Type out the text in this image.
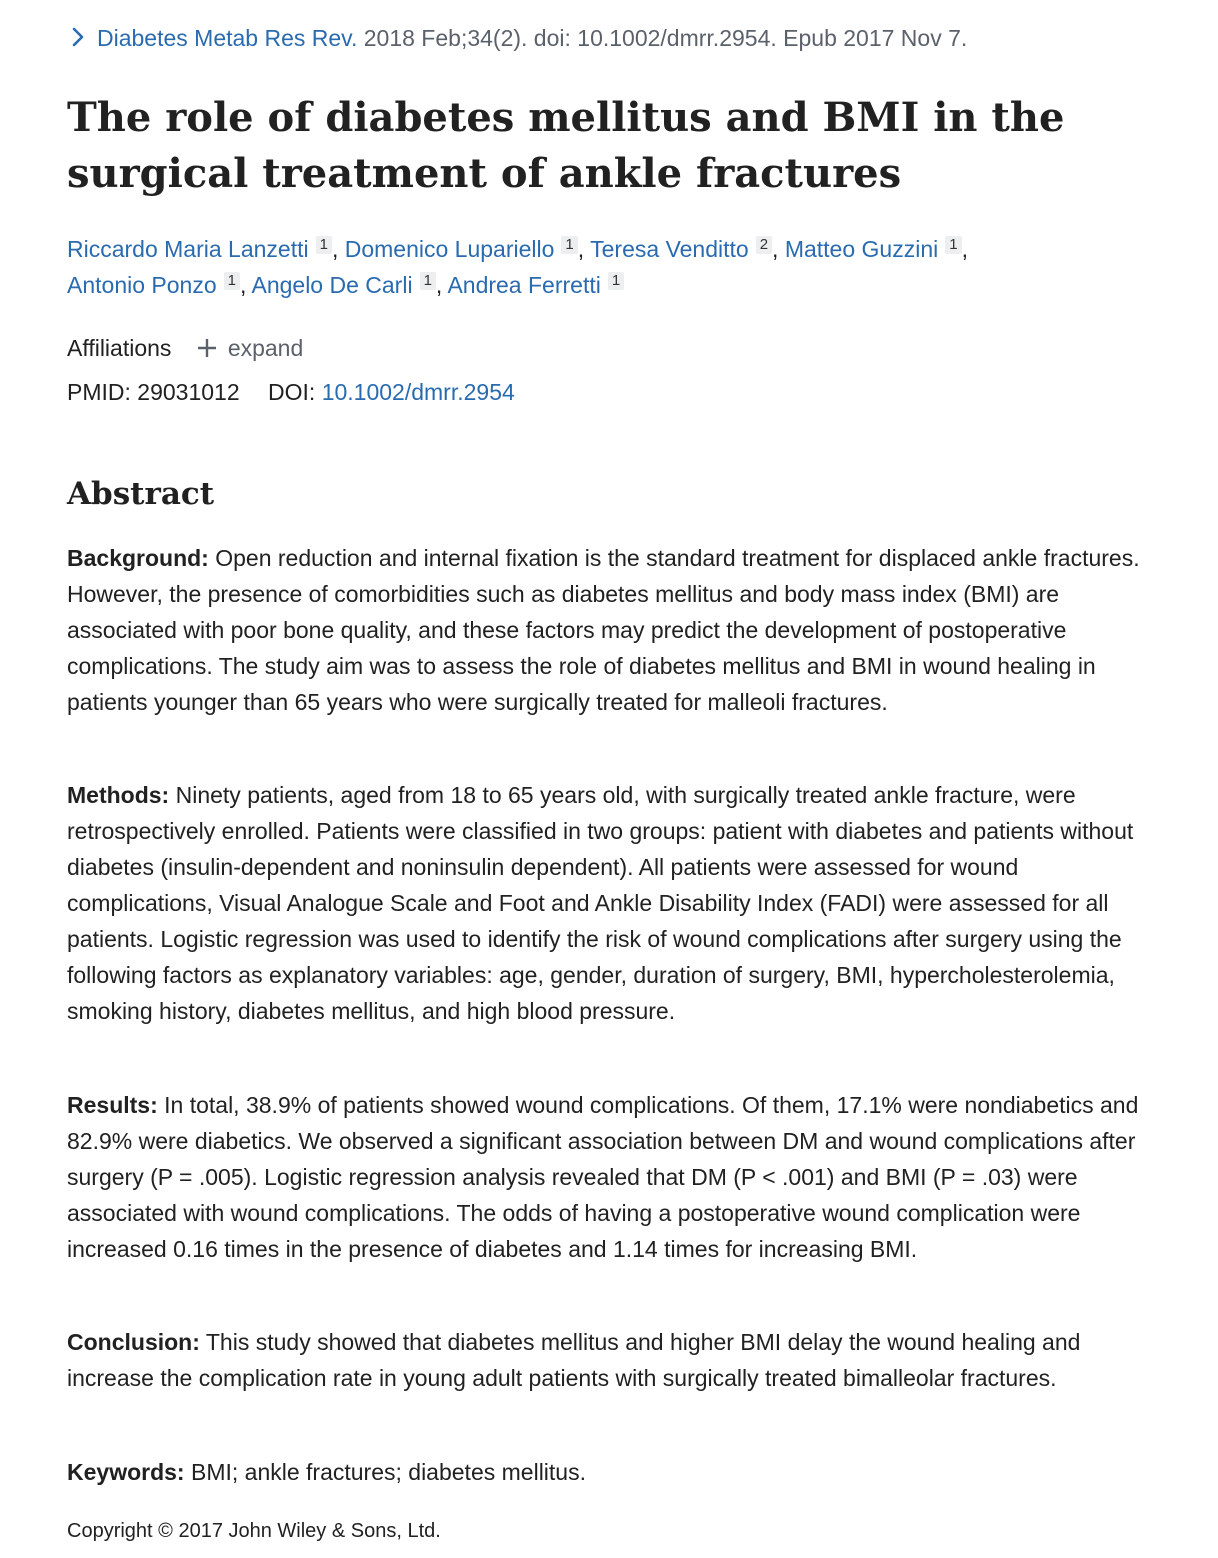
Diabetes Metab Res Rev. 2018 Feb;34(2). doi: 10.1002/dmrr.2954. Epub 2017 Nov 7.
The role of diabetes mellitus and BMI in the surgical treatment of ankle fractures
Riccardo Maria Lanzetti 1 , Domenico Lupariello 1 , Teresa Venditto 2 , Matteo Guzzini 1 ,
Antonio Ponzo 1 , Angelo De Carli 1 , Andrea Ferretti 1
Affiliations expand
PMID: 29031012 DOI: 10.1002/dmrr.2954
Abstract

Background: Open reduction and internal fixation is the standard treatment for displaced ankle fractures. However, the presence of comorbidities such as diabetes mellitus and body mass index (BMI) are associated with poor bone quality, and these factors may predict the development of postoperative complications. The study aim was to assess the role of diabetes mellitus and BMI in wound healing in patients younger than 65 years who were surgically treated for malleoli fractures.

Methods: Ninety patients, aged from 18 to 65 years old, with surgically treated ankle fracture, were retrospectively enrolled. Patients were classified in two groups: patient with diabetes and patients without diabetes (insulin-dependent and noninsulin dependent). All patients were assessed for wound complications, Visual Analogue Scale and Foot and Ankle Disability Index (FADI) were assessed for all patients. Logistic regression was used to identify the risk of wound complications after surgery using the following factors as explanatory variables: age, gender, duration of surgery, BMI, hypercholesterolemia, smoking history, diabetes mellitus, and high blood pressure.

Results: In total, 38.9% of patients showed wound complications. Of them, 17.1% were nondiabetics and 82.9% were diabetics. We observed a significant association between DM and wound complications after surgery (P = .005). Logistic regression analysis revealed that DM (P < .001) and BMI (P = .03) were associated with wound complications. The odds of having a postoperative wound complication were increased 0.16 times in the presence of diabetes and 1.14 times for increasing BMI.

Conclusion: This study showed that diabetes mellitus and higher BMI delay the wound healing and increase the complication rate in young adult patients with surgically treated bimalleolar fractures.

Keywords: BMI; ankle fractures; diabetes mellitus.

Copyright © 2017 John Wiley & Sons, Ltd.
